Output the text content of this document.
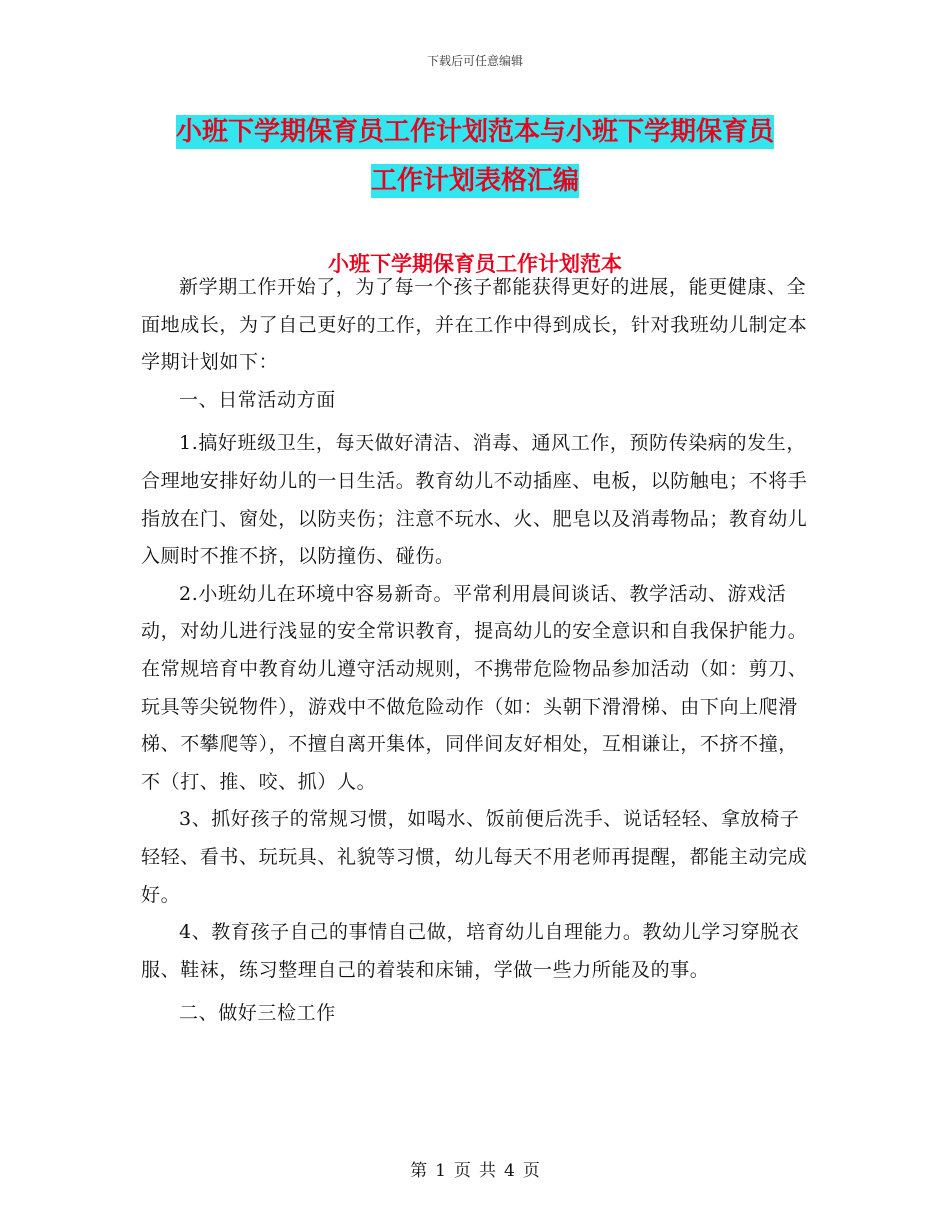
下载后可任意编辑
小班下学期保育员工作计划范本与小班下学期保育员
工作计划表格汇编
小班下学期保育员工作计划范本

新学期工作开始了，为了每一个孩子都能获得更好的进展，能更健康、全面地成长，为了自己更好的工作，并在工作中得到成长，针对我班幼儿制定本学期计划如下：

一、日常活动方面

1.搞好班级卫生，每天做好清洁、消毒、通风工作，预防传染病的发生，合理地安排好幼儿的一日生活。教育幼儿不动插座、电板，以防触电；不将手指放在门、窗处，以防夹伤；注意不玩水、火、肥皂以及消毒物品；教育幼儿入厕时不推不挤，以防撞伤、碰伤。

2.小班幼儿在环境中容易新奇。平常利用晨间谈话、教学活动、游戏活动，对幼儿进行浅显的安全常识教育，提高幼儿的安全意识和自我保护能力。在常规培育中教育幼儿遵守活动规则，不携带危险物品参加活动（如：剪刀、玩具等尖锐物件），游戏中不做危险动作（如：头朝下滑滑梯、由下向上爬滑梯、不攀爬等），不擅自离开集体，同伴间友好相处，互相谦让，不挤不撞，不（打、推、咬、抓）人。

3、抓好孩子的常规习惯，如喝水、饭前便后洗手、说话轻轻、拿放椅子轻轻、看书、玩玩具、礼貌等习惯，幼儿每天不用老师再提醒，都能主动完成好。

4、教育孩子自己的事情自己做，培育幼儿自理能力。教幼儿学习穿脱衣服、鞋袜，练习整理自己的着装和床铺，学做一些力所能及的事。

二、做好三检工作

第 1 页 共 4 页
